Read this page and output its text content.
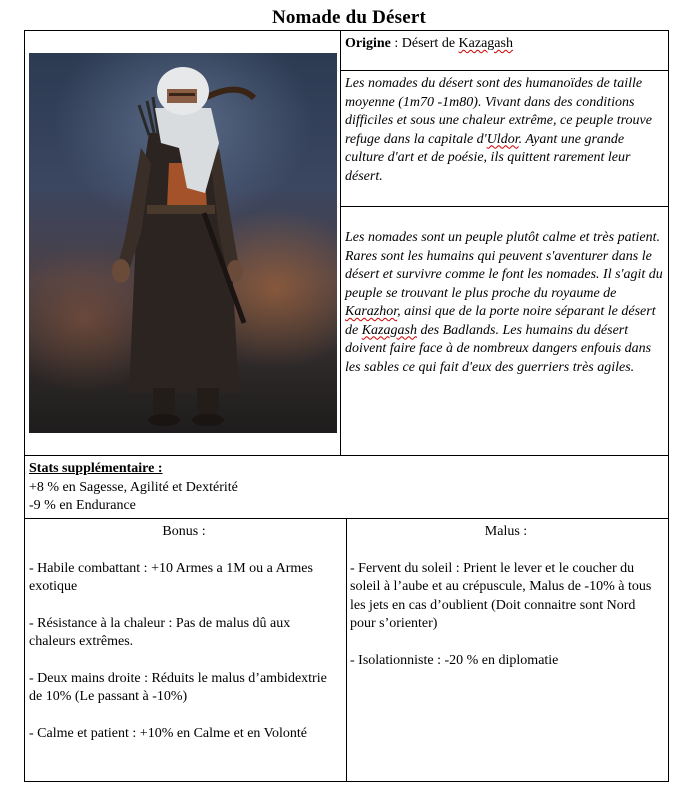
Nomade du Désert
Origine : Désert de Kazagash
Les nomades du désert sont des humanoïdes de taille moyenne (1m70 -1m80). Vivant dans des conditions difficiles et sous une chaleur extrême, ce peuple trouve refuge dans la capitale d'Uldor. Ayant une grande culture d'art et de poésie, ils quittent rarement leur désert.
Les nomades sont un peuple plutôt calme et très patient. Rares sont les humains qui peuvent s'aventurer dans le désert et survivre comme le font les nomades. Il s'agit du peuple se trouvant le plus proche du royaume de Karazhor, ainsi que de la porte noire séparant le désert de Kazagash des Badlands. Les humains du désert doivent faire face à de nombreux dangers enfouis dans les sables ce qui fait d'eux des guerriers très agiles.
Stats supplémentaire :
+8 % en Sagesse, Agilité et Dextérité
-9 % en Endurance
Bonus :
- Habile combattant : +10 Armes a 1M ou a Armes exotique
- Résistance à la chaleur : Pas de malus dû aux chaleurs extrêmes.
- Deux mains droite : Réduits le malus d’ambidextrie de 10% (Le passant à -10%)
- Calme et patient : +10% en Calme et en Volonté
Malus :
- Fervent du soleil : Prient le lever et le coucher du soleil à l’aube et au crépuscule, Malus de -10% à tous les jets en cas d’oublient (Doit connaitre sont Nord pour s’orienter)
- Isolationniste : -20 % en diplomatie
